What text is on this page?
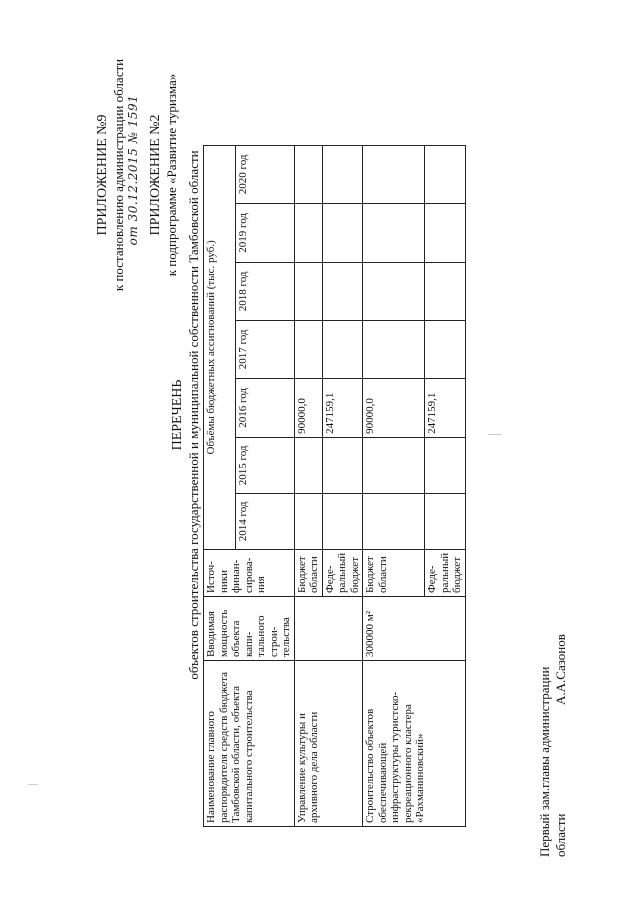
ПРИЛОЖЕНИЕ №9 к постановлению администрации области от 30.12.2015 № 1591 ПРИЛОЖЕНИЕ №2 к подпрограмме «Развитие туризма»
ПЕРЕЧЕНЬ объектов строительства государственной и муниципальной собственности Тамбовской области
Наименование главного распорядителя средств бюджета Тамбовской области, объекта капитального строительства	Вводимая мощность объекта капи-тального строи-тельства	Источ-ники финан-сирова-ния	Объёмы бюджетных ассигнований (тыс. руб.)						
			2014 год	2015 год	2016 год	2017 год	2018 год	2019 год	2020 год
Управление культуры и архивного дела области		Бюджет области			90000,0				
		Феде-ральный бюджет			247159,1				
Строительство объектов обеспечивающей инфраструктуры туристско-рекреационного кластера «Рахманиновский»	300000 м²	Бюджет области			90000,0				
		Феде-ральный бюджет			247159,1				
Первый зам.главы администрации области
А.А.Сазонов
